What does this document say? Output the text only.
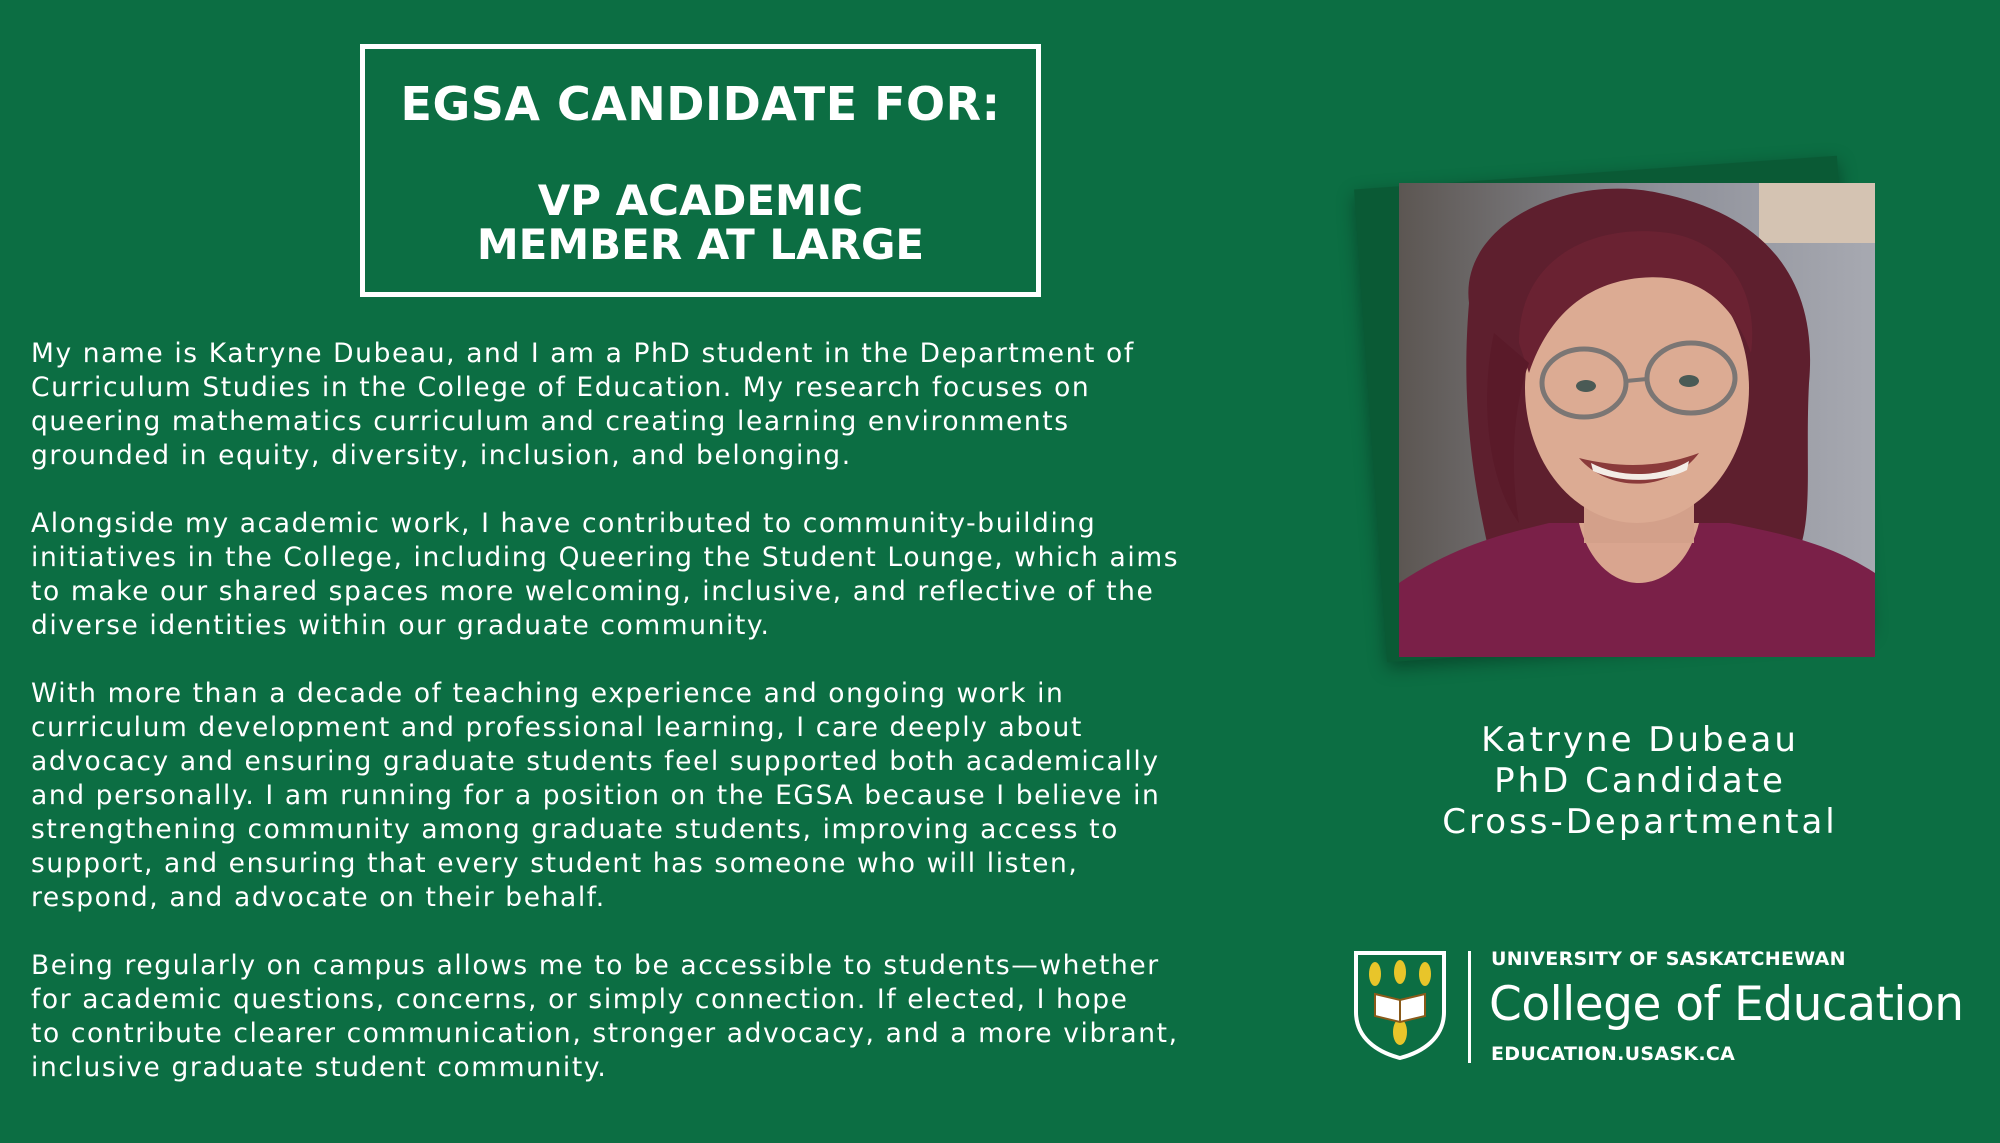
EGSA CANDIDATE FOR:
VP ACADEMIC
MEMBER AT LARGE

My name is Katryne Dubeau, and I am a PhD student in the Department of
Curriculum Studies in the College of Education. My research focuses on
queering mathematics curriculum and creating learning environments
grounded in equity, diversity, inclusion, and belonging.

Alongside my academic work, I have contributed to community-building
initiatives in the College, including Queering the Student Lounge, which aims
to make our shared spaces more welcoming, inclusive, and reflective of the
diverse identities within our graduate community.

With more than a decade of teaching experience and ongoing work in
curriculum development and professional learning, I care deeply about
advocacy and ensuring graduate students feel supported both academically
and personally. I am running for a position on the EGSA because I believe in
strengthening community among graduate students, improving access to
support, and ensuring that every student has someone who will listen,
respond, and advocate on their behalf.

Being regularly on campus allows me to be accessible to students—whether
for academic questions, concerns, or simply connection. If elected, I hope
to contribute clearer communication, stronger advocacy, and a more vibrant,
inclusive graduate student community.

Katryne Dubeau
PhD Candidate
Cross-Departmental
UNIVERSITY OF SASKATCHEWAN
College of Education
EDUCATION.USASK.CA
